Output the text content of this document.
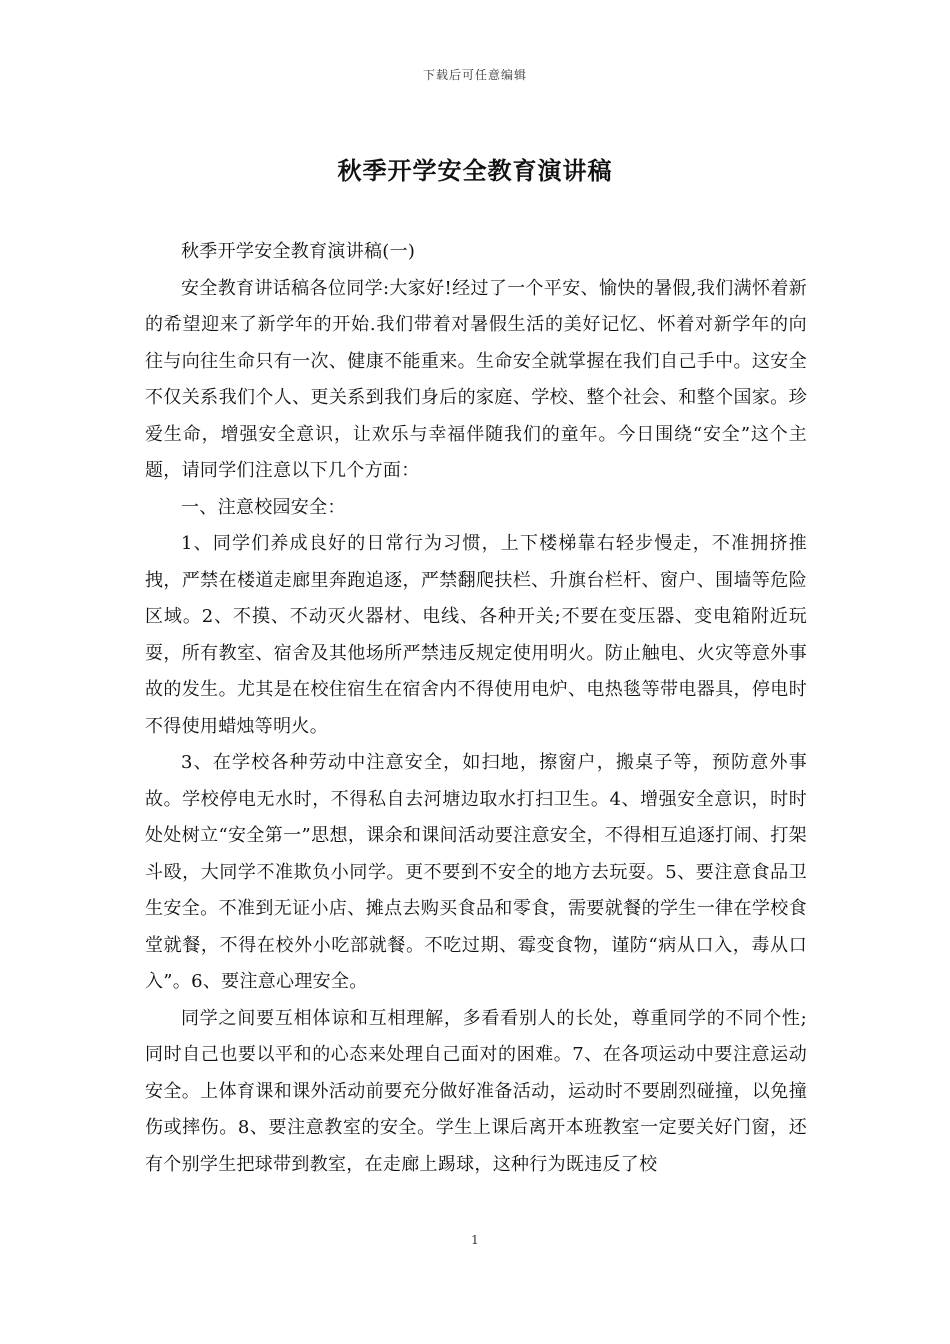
下载后可任意编辑
秋季开学安全教育演讲稿

秋季开学安全教育演讲稿(一)

安全教育讲话稿各位同学:大家好!经过了一个平安、愉快的暑假,我们满怀着新的希望迎来了新学年的开始.我们带着对暑假生活的美好记忆、怀着对新学年的向往与向往生命只有一次、健康不能重来。生命安全就掌握在我们自己手中。这安全不仅关系我们个人、更关系到我们身后的家庭、学校、整个社会、和整个国家。珍爱生命，增强安全意识，让欢乐与幸福伴随我们的童年。今日围绕“安全”这个主题，请同学们注意以下几个方面：

一、注意校园安全：

1、同学们养成良好的日常行为习惯，上下楼梯靠右轻步慢走，不准拥挤推拽，严禁在楼道走廊里奔跑追逐，严禁翻爬扶栏、升旗台栏杆、窗户、围墙等危险区域。2、不摸、不动灭火器材、电线、各种开关;不要在变压器、变电箱附近玩耍，所有教室、宿舍及其他场所严禁违反规定使用明火。防止触电、火灾等意外事故的发生。尤其是在校住宿生在宿舍内不得使用电炉、电热毯等带电器具，停电时不得使用蜡烛等明火。

3、在学校各种劳动中注意安全，如扫地，擦窗户，搬桌子等，预防意外事故。学校停电无水时，不得私自去河塘边取水打扫卫生。4、增强安全意识，时时处处树立“安全第一”思想，课余和课间活动要注意安全，不得相互追逐打闹、打架斗殴，大同学不准欺负小同学。更不要到不安全的地方去玩耍。5、要注意食品卫生安全。不准到无证小店、摊点去购买食品和零食，需要就餐的学生一律在学校食堂就餐，不得在校外小吃部就餐。不吃过期、霉变食物，谨防“病从口入，毒从口入”。6、要注意心理安全。

同学之间要互相体谅和互相理解，多看看别人的长处，尊重同学的不同个性;同时自己也要以平和的心态来处理自己面对的困难。7、在各项运动中要注意运动安全。上体育课和课外活动前要充分做好准备活动，运动时不要剧烈碰撞，以免撞伤或摔伤。8、要注意教室的安全。学生上课后离开本班教室一定要关好门窗，还有个别学生把球带到教室，在走廊上踢球，这种行为既违反了校

1
